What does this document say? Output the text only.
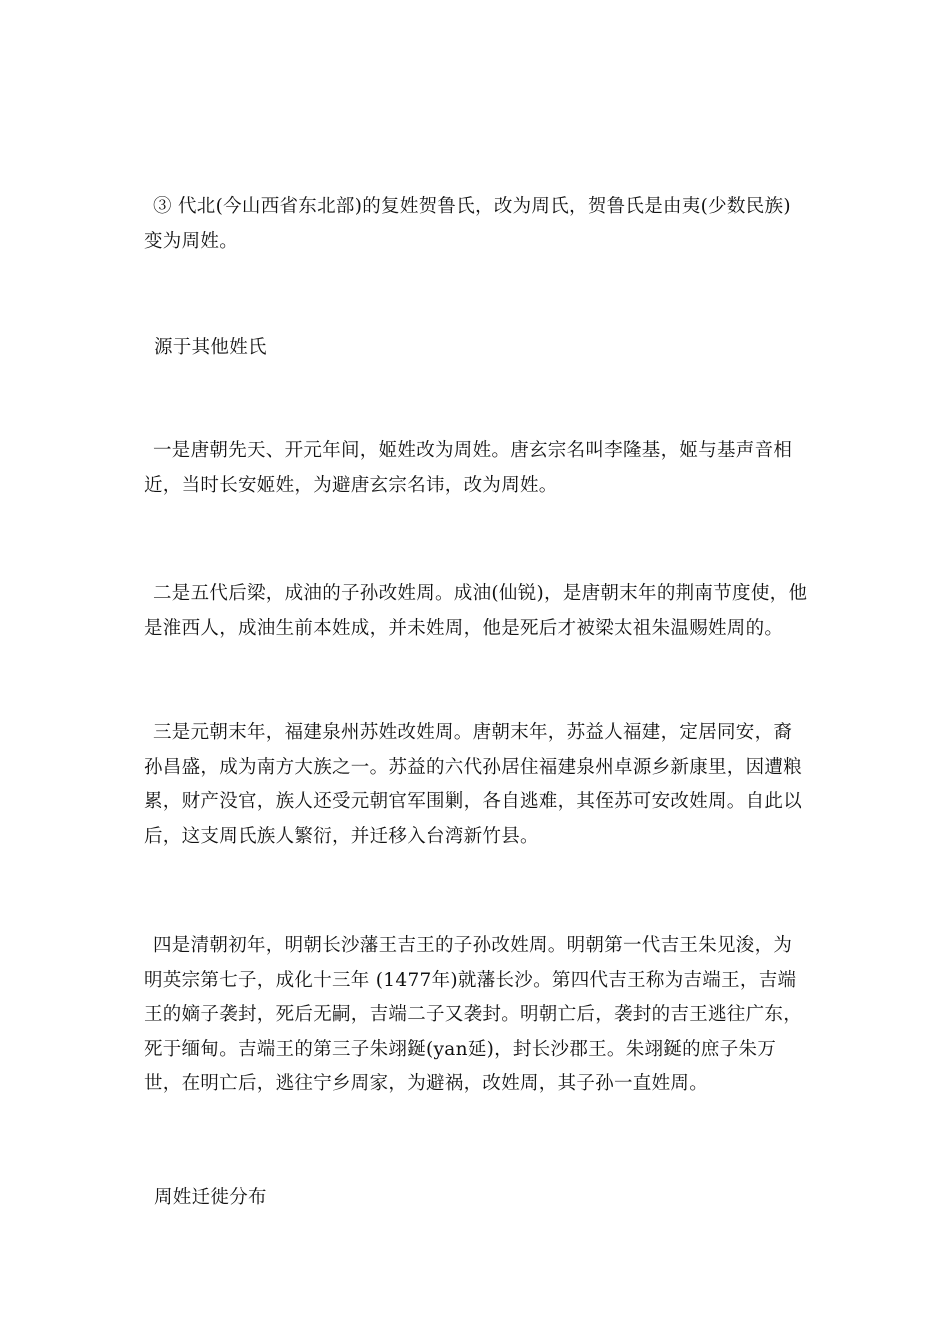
③ 代北(今山西省东北部)的复姓贺鲁氏，改为周氏，贺鲁氏是由夷(少数民族)变为周姓。

源于其他姓氏

一是唐朝先天、开元年间，姬姓改为周姓。唐玄宗名叫李隆基，姬与基声音相近，当时长安姬姓，为避唐玄宗名讳，改为周姓。

二是五代后梁，成油的子孙改姓周。成油(仙锐)，是唐朝末年的荆南节度使，他是淮西人，成油生前本姓成，并未姓周，他是死后才被梁太祖朱温赐姓周的。

三是元朝末年，福建泉州苏姓改姓周。唐朝末年，苏益人福建，定居同安，裔孙昌盛，成为南方大族之一。苏益的六代孙居住福建泉州卓源乡新康里，因遭粮累，财产没官，族人还受元朝官军围剿，各自逃难，其侄苏可安改姓周。自此以后，这支周氏族人繁衍，并迁移入台湾新竹县。

四是清朝初年，明朝长沙藩王吉王的子孙改姓周。明朝第一代吉王朱见浚，为明英宗第七子，成化十三年 (1477年)就藩长沙。第四代吉王称为吉端王，吉端王的嫡子袭封，死后无嗣，吉端二子又袭封。明朝亡后，袭封的吉王逃往广东，死于缅甸。吉端王的第三子朱翊鋋(yan延)，封长沙郡王。朱翊鋋的庶子朱万世，在明亡后，逃往宁乡周家，为避祸，改姓周，其子孙一直姓周。

周姓迁徙分布
